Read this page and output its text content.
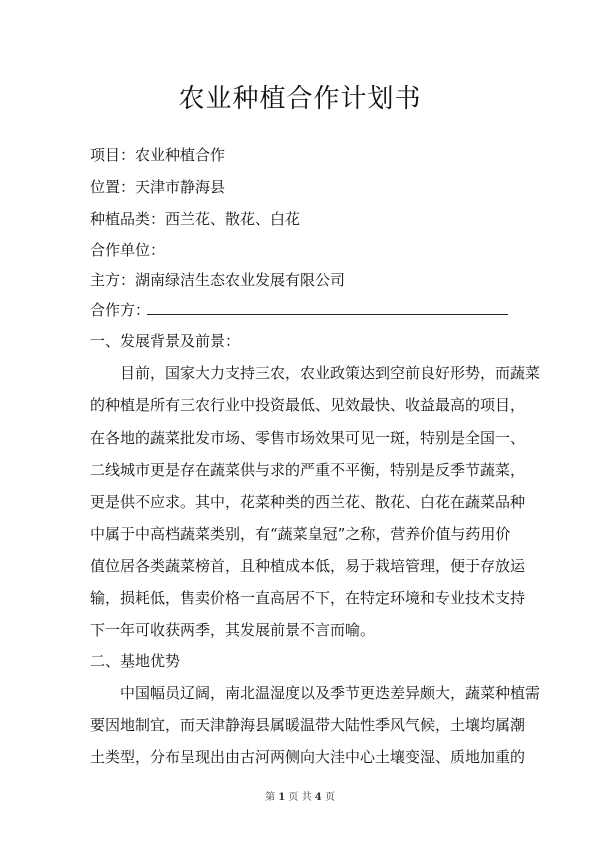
农业种植合作计划书
项目：农业种植合作
位置：天津市静海县
种植品类：西兰花、散花、白花
合作单位：
主方：湖南绿洁生态农业发展有限公司
合作方：
一、发展背景及前景：
目前，国家大力支持三农，农业政策达到空前良好形势，而蔬菜
的种植是所有三农行业中投资最低、见效最快、收益最高的项目，
在各地的蔬菜批发市场、零售市场效果可见一斑，特别是全国一、
二线城市更是存在蔬菜供与求的严重不平衡，特别是反季节蔬菜，
更是供不应求。其中，花菜种类的西兰花、散花、白花在蔬菜品种
中属于中高档蔬菜类别，有“蔬菜皇冠”之称，营养价值与药用价
值位居各类蔬菜榜首，且种植成本低，易于栽培管理，便于存放运
输，损耗低，售卖价格一直高居不下，在特定环境和专业技术支持
下一年可收获两季，其发展前景不言而喻。
二、基地优势
中国幅员辽阔，南北温湿度以及季节更迭差异颇大，蔬菜种植需
要因地制宜，而天津静海县属暖温带大陆性季风气候，土壤均属潮
土类型，分布呈现出由古河两侧向大洼中心土壤变湿、质地加重的
第 1 页 共 4 页
